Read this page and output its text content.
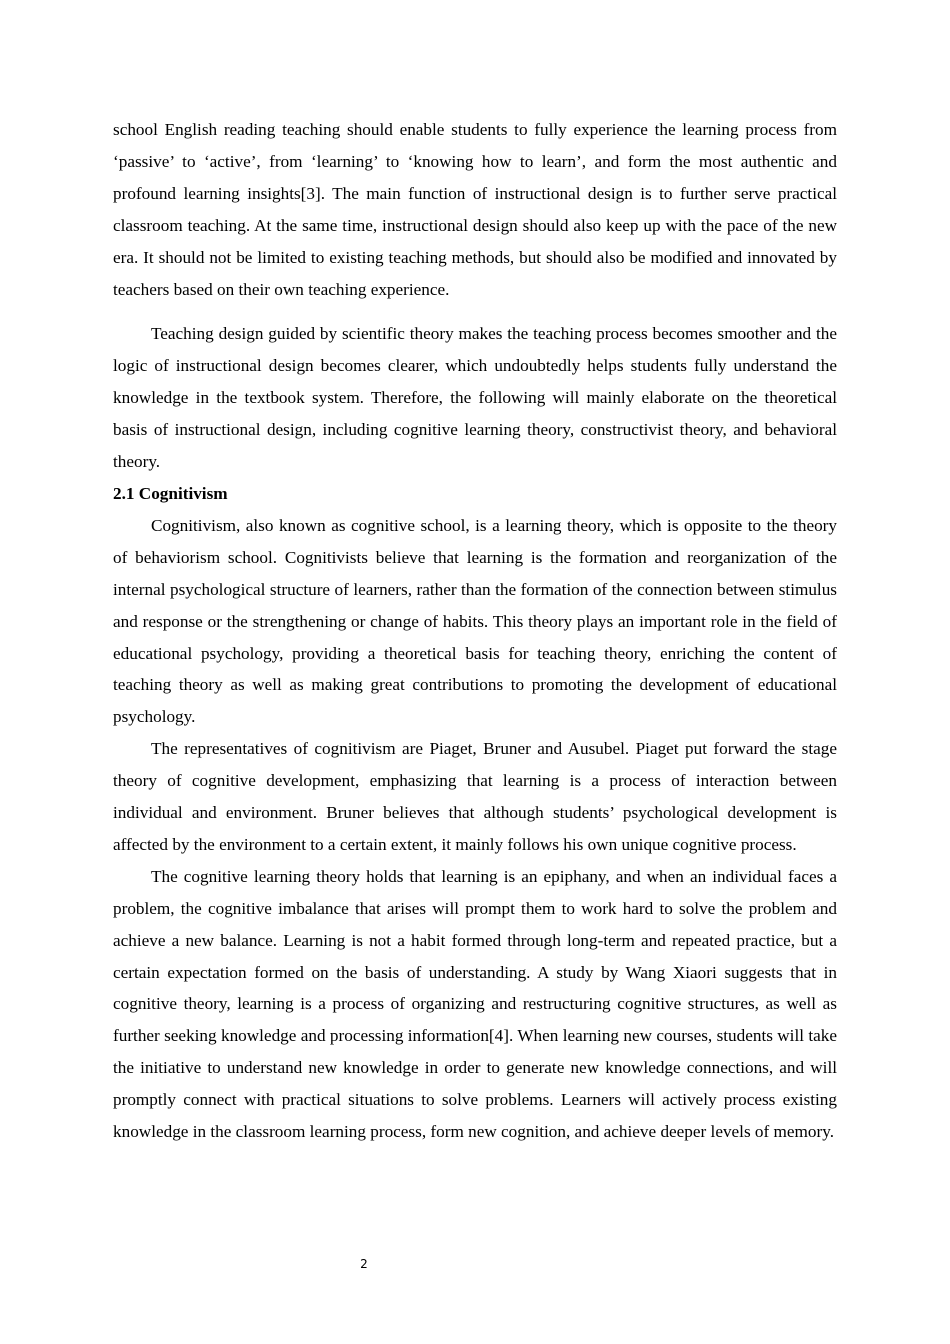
school English reading teaching should enable students to fully experience the learning process from ‘passive’ to ‘active’, from ‘learning’ to ‘knowing how to learn’, and form the most authentic and profound learning insights[3]. The main function of instructional design is to further serve practical classroom teaching. At the same time, instructional design should also keep up with the pace of the new era. It should not be limited to existing teaching methods, but should also be modified and innovated by teachers based on their own teaching experience.

Teaching design guided by scientific theory makes the teaching process becomes smoother and the logic of instructional design becomes clearer, which undoubtedly helps students fully understand the knowledge in the textbook system. Therefore, the following will mainly elaborate on the theoretical basis of instructional design, including cognitive learning theory, constructivist theory, and behavioral theory.

2.1 Cognitivism

Cognitivism, also known as cognitive school, is a learning theory, which is opposite to the theory of behaviorism school. Cognitivists believe that learning is the formation and reorganization of the internal psychological structure of learners, rather than the formation of the connection between stimulus and response or the strengthening or change of habits. This theory plays an important role in the field of educational psychology, providing a theoretical basis for teaching theory, enriching the content of teaching theory as well as making great contributions to promoting the development of educational psychology.

The representatives of cognitivism are Piaget, Bruner and Ausubel. Piaget put forward the stage theory of cognitive development, emphasizing that learning is a process of interaction between individual and environment. Bruner believes that although students’ psychological development is affected by the environment to a certain extent, it mainly follows his own unique cognitive process.

The cognitive learning theory holds that learning is an epiphany, and when an individual faces a problem, the cognitive imbalance that arises will prompt them to work hard to solve the problem and achieve a new balance. Learning is not a habit formed through long-term and repeated practice, but a certain expectation formed on the basis of understanding. A study by Wang Xiaori suggests that in cognitive theory, learning is a process of organizing and restructuring cognitive structures, as well as further seeking knowledge and processing information[4]. When learning new courses, students will take the initiative to understand new knowledge in order to generate new knowledge connections, and will promptly connect with practical situations to solve problems. Learners will actively process existing knowledge in the classroom learning process, form new cognition, and achieve deeper levels of memory.

2
